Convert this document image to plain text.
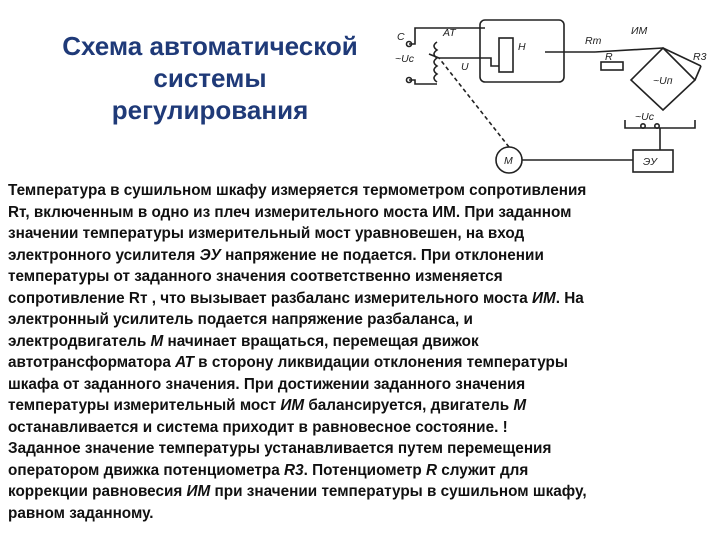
Схема автоматической
системы
регулирования
C
~Uc
AT
U
H	Rт
ИМ
R	R3
~Uп
~Uc
M	ЭУ
Температура в сушильном шкафу измеряется термометром сопротивления
Rт, включенным в одно из плеч измерительного моста ИМ. При заданном
значении температуры измерительный мост уравновешен, на вход
электронного усилителя ЭУ напряжение не подается. При отклонении
температуры от заданного значения соответственно изменяется
сопротивление Rт , что вызывает разбаланс измерительного моста ИМ. На
электронный усилитель подается напряжение разбаланса, и
электродвигатель М начинает вращаться, перемещая движок
автотрансформатора АТ в сторону ликвидации отклонения температуры
шкафа от заданного значения. При достижении заданного значения
температуры измерительный мост ИМ балансируется, двигатель М
останавливается и система приходит в равновесное состояние. !
Заданное значение температуры устанавливается путем перемещения
оператором движка потенциометра R3. Потенциометр R служит для
коррекции равновесия ИМ при значении температуры в сушильном шкафу,
равном заданному.
